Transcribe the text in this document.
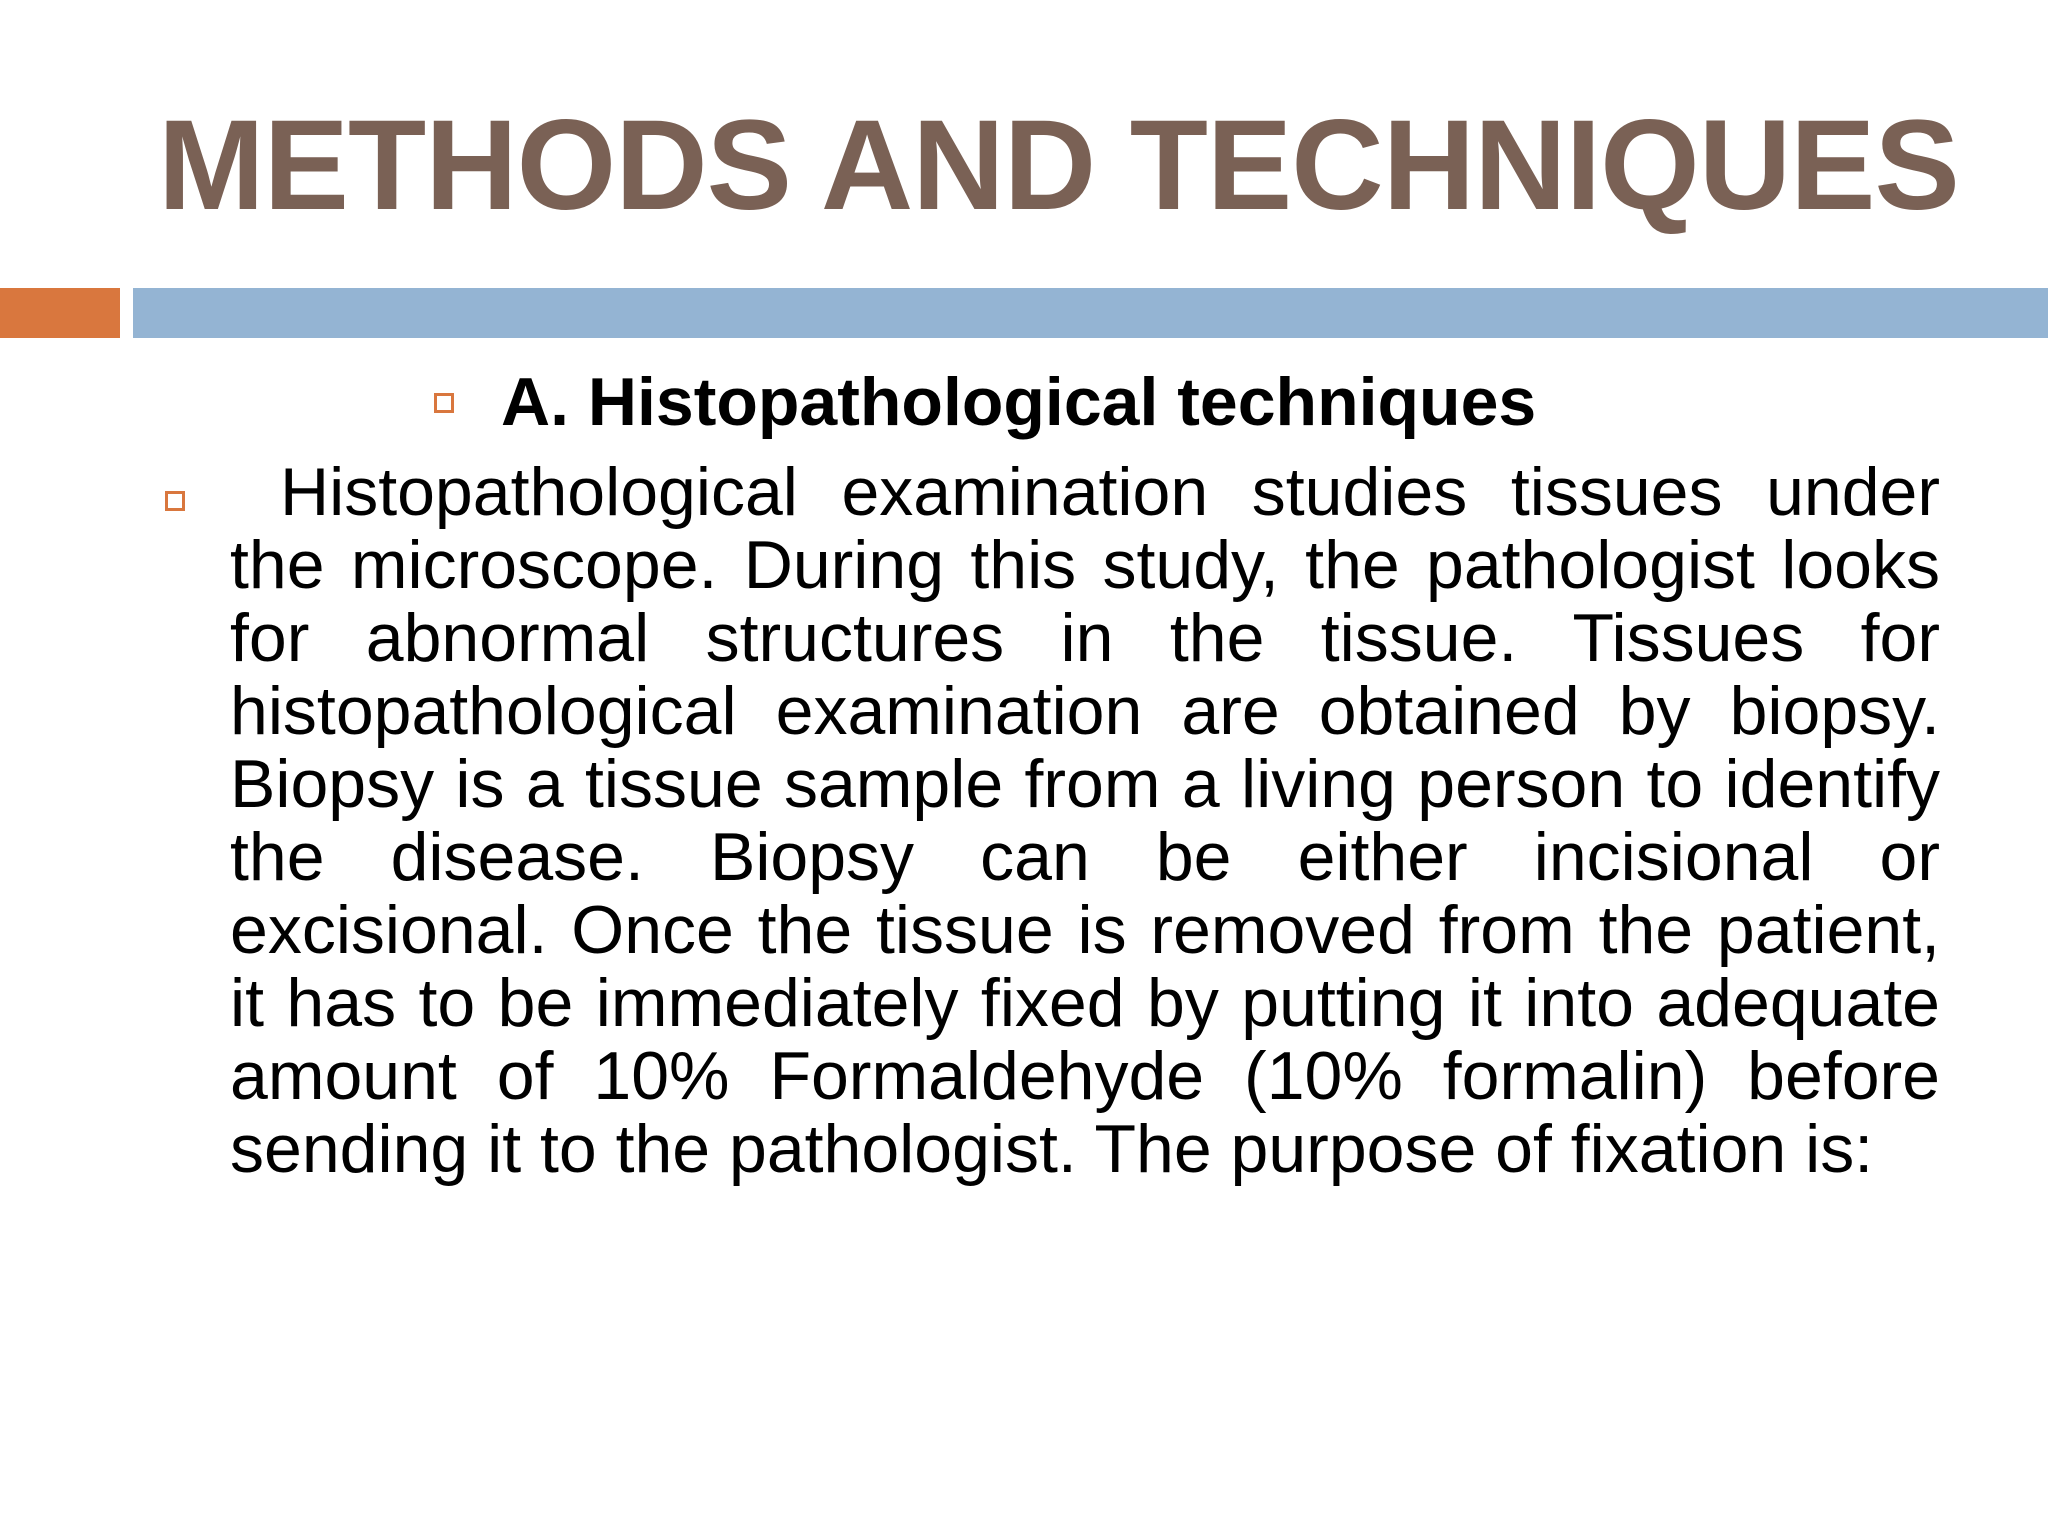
METHODS AND TECHNIQUES
A. Histopathological techniques

Histopathological examination studies tissues under the microscope. During this study, the pathologist looks for abnormal structures in the tissue. Tissues for histopathological examination are obtained by biopsy. Biopsy is a tissue sample from a living person to identify the disease. Biopsy can be either incisional or excisional. Once the tissue is removed from the patient, it has to be immediately fixed by putting it into adequate amount of 10% Formaldehyde (10% formalin) before sending it to the pathologist. The purpose of fixation is:
